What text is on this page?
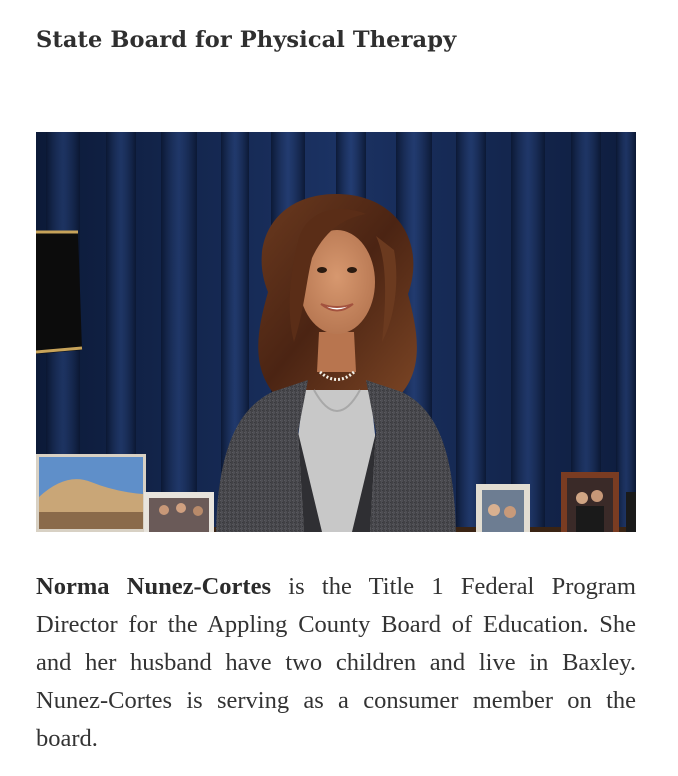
State Board for Physical Therapy

Norma Nunez-Cortes is the Title 1 Federal Program Director for the Appling County Board of Education. She and her husband have two children and live in Baxley. Nunez-Cortes is serving as a consumer member on the board.
